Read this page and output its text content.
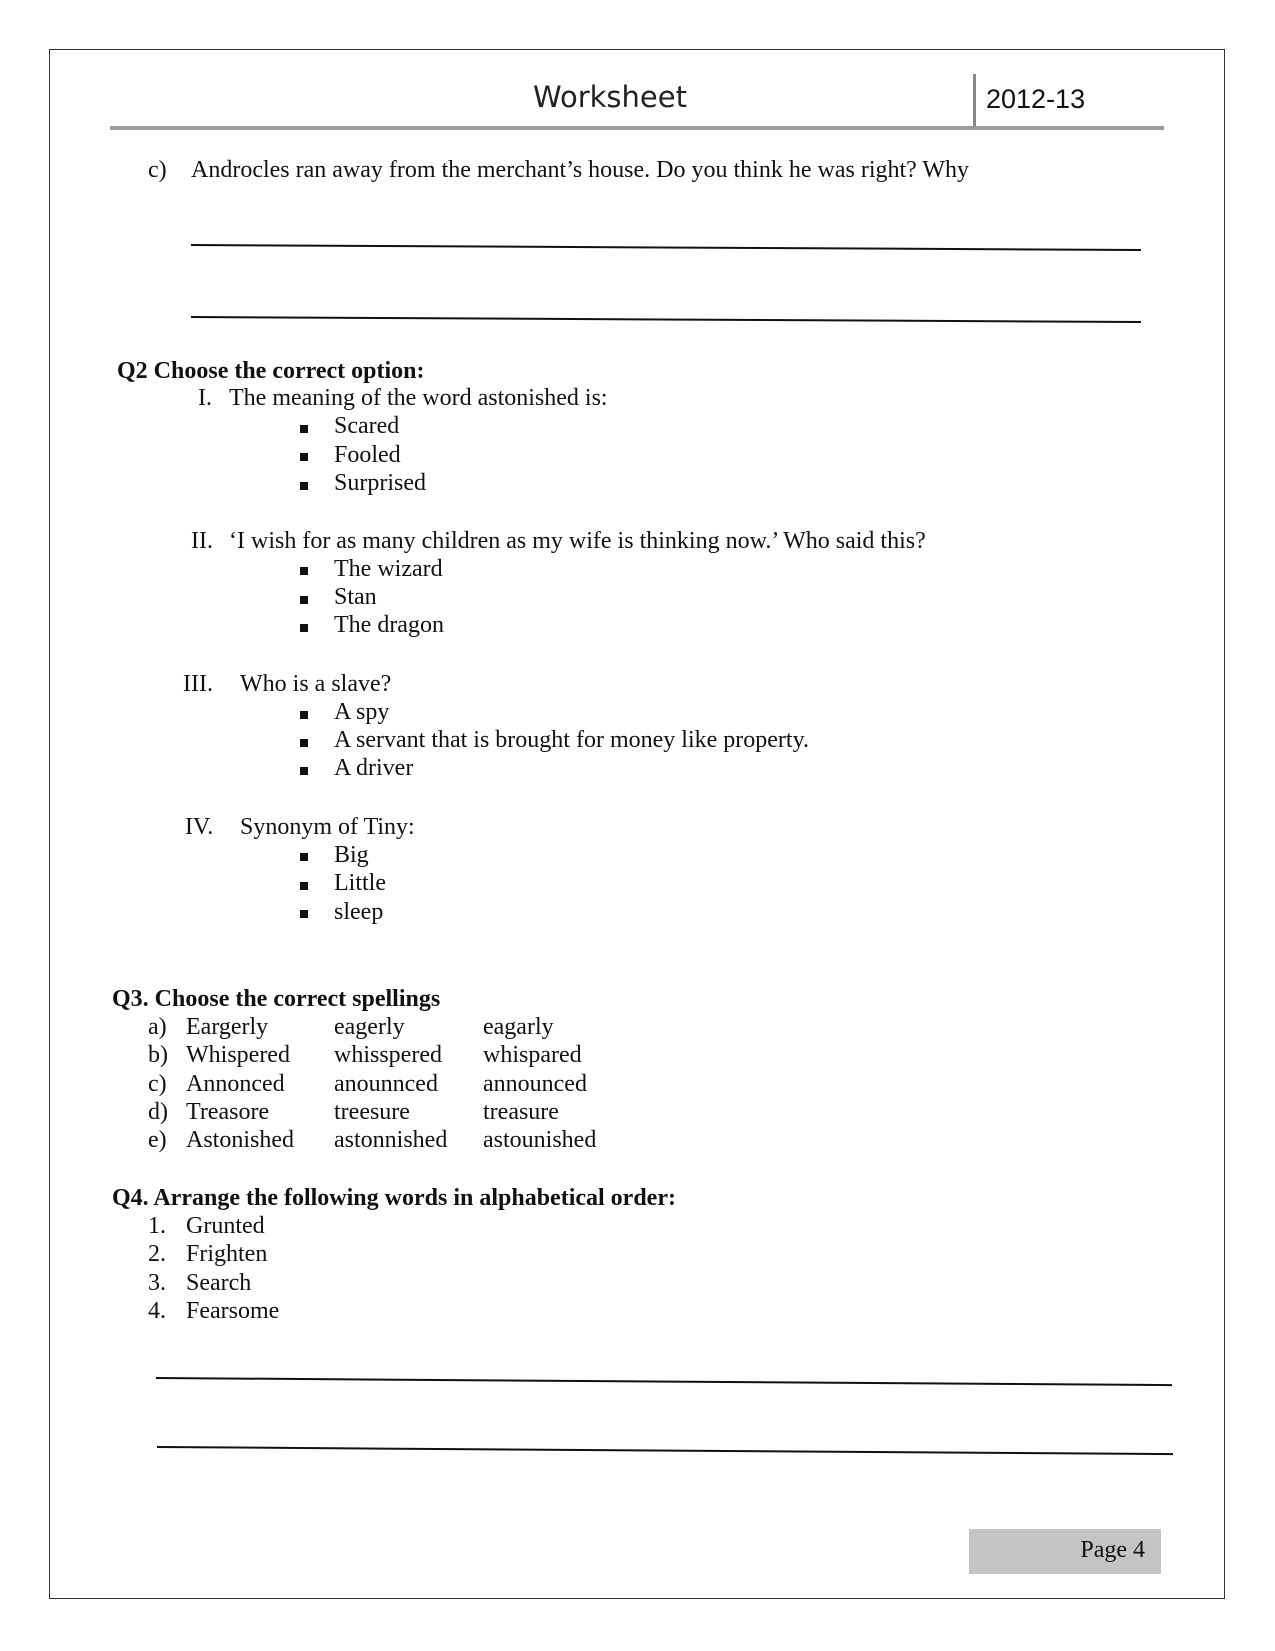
Worksheet	2012-13
c) Androcles ran away from the merchant’s house. Do you think he was right? Why
Q2 Choose the correct option:
I. The meaning of the word astonished is:
Scared
Fooled
Surprised
II. ‘I wish for as many children as my wife is thinking now.’ Who said this?
The wizard
Stan
The dragon
III. Who is a slave?
A spy
A servant that is brought for money like property.
A driver
IV. Synonym of Tiny:
Big
Little
sleep
Q3. Choose the correct spellings
a) Eargerly	eagerly	eagarly
b) Whispered whisspered whispared
c) Annonced anounnced announced
d) Treasore	treesure	treasure
e) Astonished astonnished astounished
Q4. Arrange the following words in alphabetical order:
1. Grunted
2. Frighten
3. Search
4. Fearsome
Page 4
